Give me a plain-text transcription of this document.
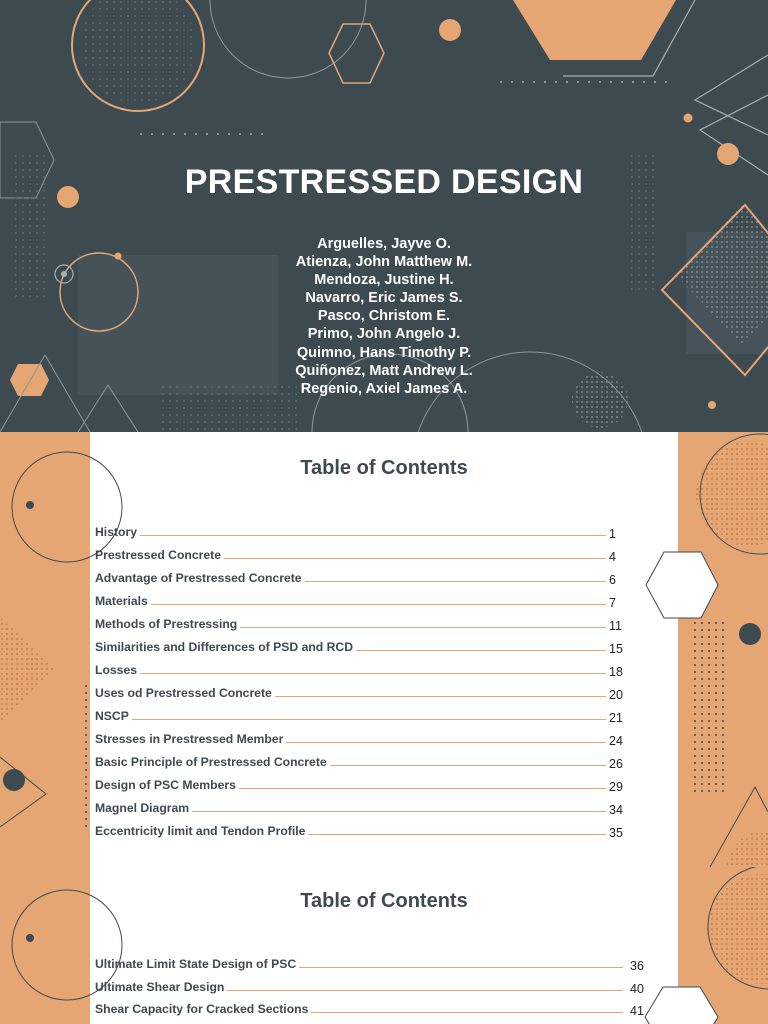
PRESTRESSED DESIGN
Arguelles, Jayve O.
Atienza, John Matthew M.
Mendoza, Justine H.
Navarro, Eric James S.
Pasco, Christom E.
Primo, John Angelo J.
Quimno, Hans Timothy P.
Quiñonez, Matt Andrew L.
Regenio, Axiel James A.
Table of Contents
History	1
Prestressed Concrete	4
Advantage of Prestressed Concrete	6
Materials	7
Methods of Prestressing	11
Similarities and Differences of PSD and RCD	15
Losses	18
Uses od Prestressed Concrete	20
NSCP	21
Stresses in Prestressed Member	24
Basic Principle of Prestressed Concrete	26
Design of PSC Members	29
Magnel Diagram	34
Eccentricity limit and Tendon Profile	35
Table of Contents
Ultimate Limit State Design of PSC	36
Ultimate Shear Design	40
Shear Capacity for Cracked Sections	41
